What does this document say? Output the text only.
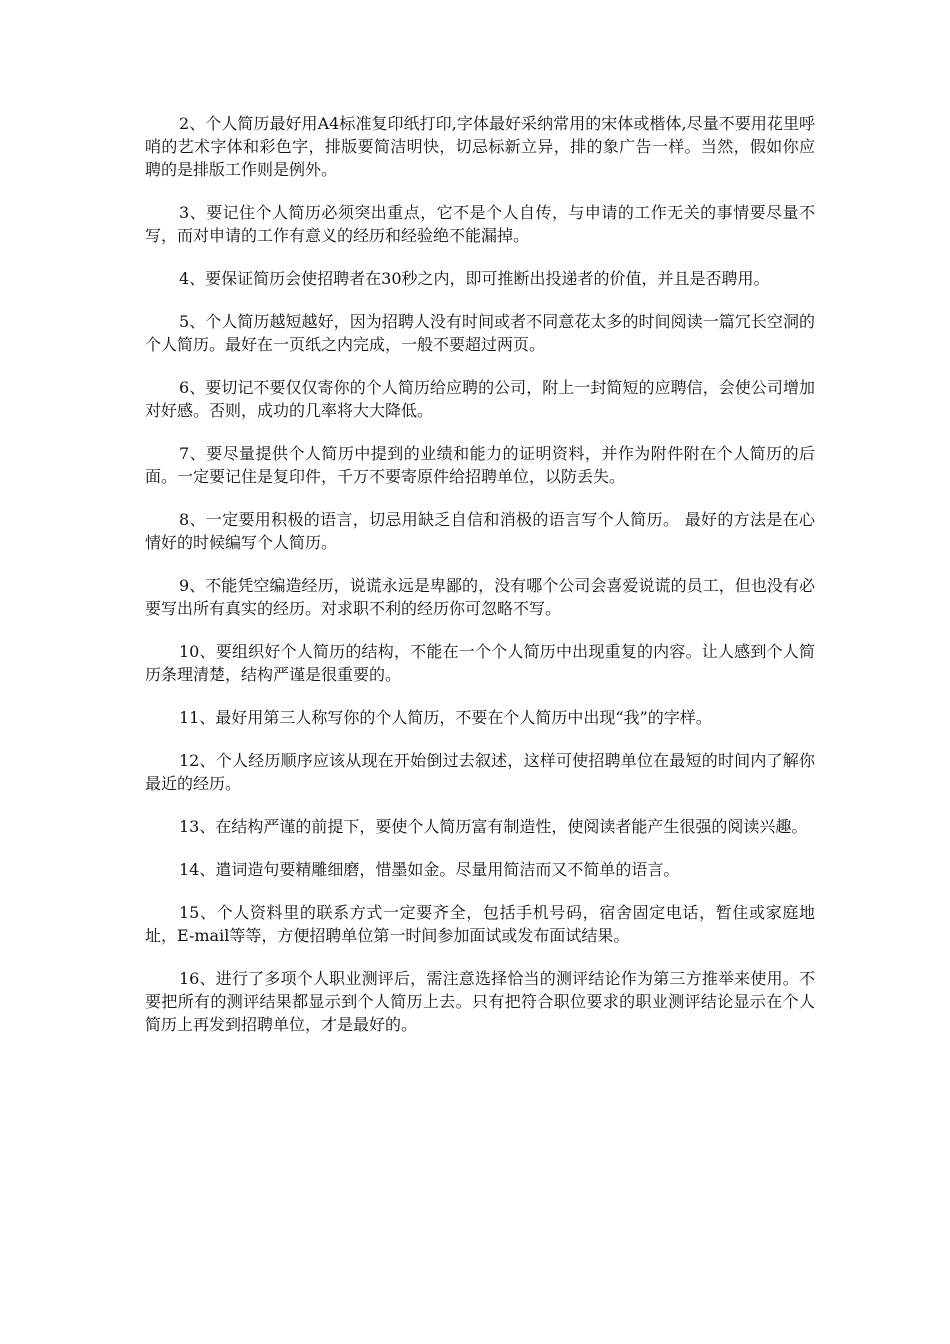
2、个人简历最好用A4标准复印纸打印,字体最好采纳常用的宋体或楷体,尽量不要用花里呼哨的艺术字体和彩色字，排版要简洁明快，切忌标新立异，排的象广告一样。当然，假如你应聘的是排版工作则是例外。

3、要记住个人简历必须突出重点，它不是个人自传，与申请的工作无关的事情要尽量不写，而对申请的工作有意义的经历和经验绝不能漏掉。

4、要保证简历会使招聘者在30秒之内，即可推断出投递者的价值，并且是否聘用。

5、个人简历越短越好，因为招聘人没有时间或者不同意花太多的时间阅读一篇冗长空洞的个人简历。最好在一页纸之内完成，一般不要超过两页。

6、要切记不要仅仅寄你的个人简历给应聘的公司，附上一封简短的应聘信，会使公司增加对好感。否则，成功的几率将大大降低。

7、要尽量提供个人简历中提到的业绩和能力的证明资料，并作为附件附在个人简历的后面。一定要记住是复印件，千万不要寄原件给招聘单位，以防丢失。

8、一定要用积极的语言，切忌用缺乏自信和消极的语言写个人简历。 最好的方法是在心情好的时候编写个人简历。

9、不能凭空编造经历，说谎永远是卑鄙的，没有哪个公司会喜爱说谎的员工，但也没有必要写出所有真实的经历。对求职不利的经历你可忽略不写。

10、要组织好个人简历的结构，不能在一个个人简历中出现重复的内容。让人感到个人简历条理清楚，结构严谨是很重要的。

11、最好用第三人称写你的个人简历，不要在个人简历中出现“我”的字样。

12、个人经历顺序应该从现在开始倒过去叙述，这样可使招聘单位在最短的时间内了解你最近的经历。

13、在结构严谨的前提下，要使个人简历富有制造性，使阅读者能产生很强的阅读兴趣。

14、遣词造句要精雕细磨，惜墨如金。尽量用简洁而又不简单的语言。

15、个人资料里的联系方式一定要齐全，包括手机号码，宿舍固定电话，暂住或家庭地址，E-mail等等，方便招聘单位第一时间参加面试或发布面试结果。

16、进行了多项个人职业测评后，需注意选择恰当的测评结论作为第三方推举来使用。不要把所有的测评结果都显示到个人简历上去。只有把符合职位要求的职业测评结论显示在个人简历上再发到招聘单位，才是最好的。
